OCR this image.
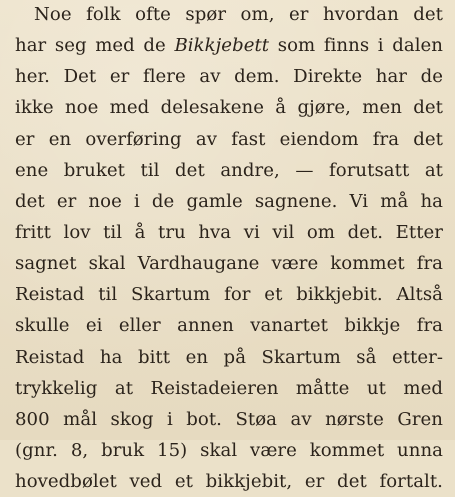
Noe folk ofte spør om, er hvordan det
har seg med de Bikkjebett som finns i dalen
her. Det er flere av dem. Direkte har de
ikke noe med delesakene å gjøre, men det
er en overføring av fast eiendom fra det
ene bruket til det andre, — forutsatt at
det er noe i de gamle sagnene. Vi må ha
fritt lov til å tru hva vi vil om det. Etter
sagnet skal Vardhaugane være kommet fra
Reistad til Skartum for et bikkjebit. Altså
skulle ei eller annen vanartet bikkje fra
Reistad ha bitt en på Skartum så etter-
trykkelig at Reistadeieren måtte ut med
800 mål skog i bot. Støa av nørste Gren
(gnr. 8, bruk 15) skal være kommet unna
hovedbølet ved et bikkjebit, er det fortalt.
